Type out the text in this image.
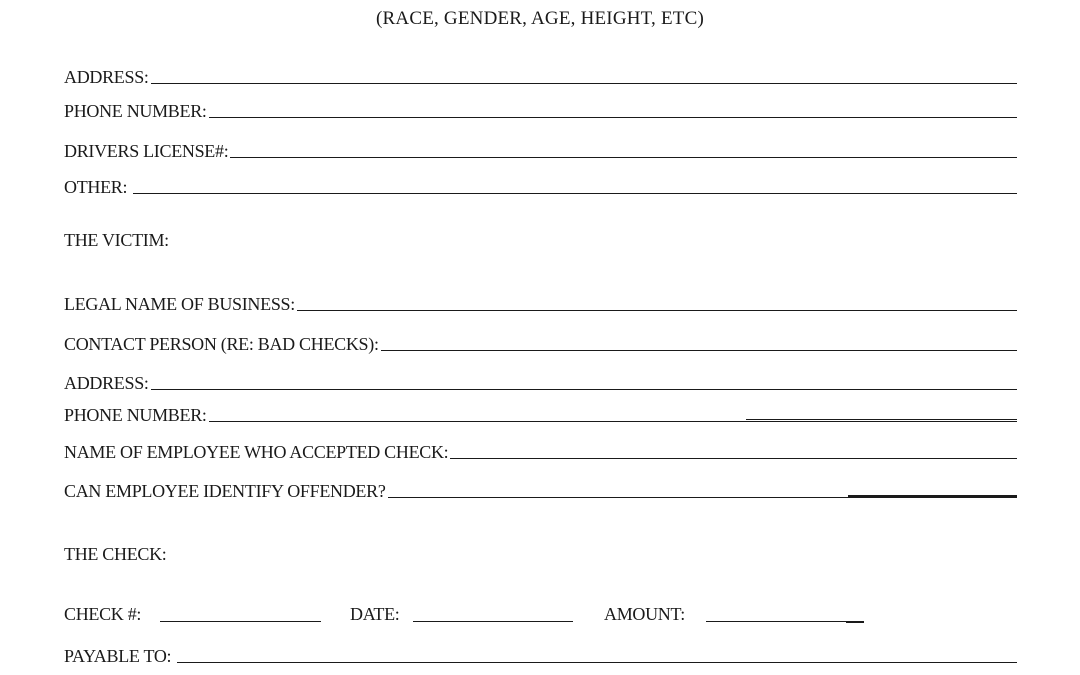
(RACE, GENDER, AGE, HEIGHT, ETC)
ADDRESS:
PHONE NUMBER:
DRIVERS LICENSE#:
OTHER:
THE VICTIM:
LEGAL NAME OF BUSINESS:
CONTACT PERSON (RE: BAD CHECKS):
ADDRESS:
PHONE NUMBER:
NAME OF EMPLOYEE WHO ACCEPTED CHECK:
CAN EMPLOYEE IDENTIFY OFFENDER?
THE CHECK:
CHECK #:	DATE:	AMOUNT:
PAYABLE TO:
